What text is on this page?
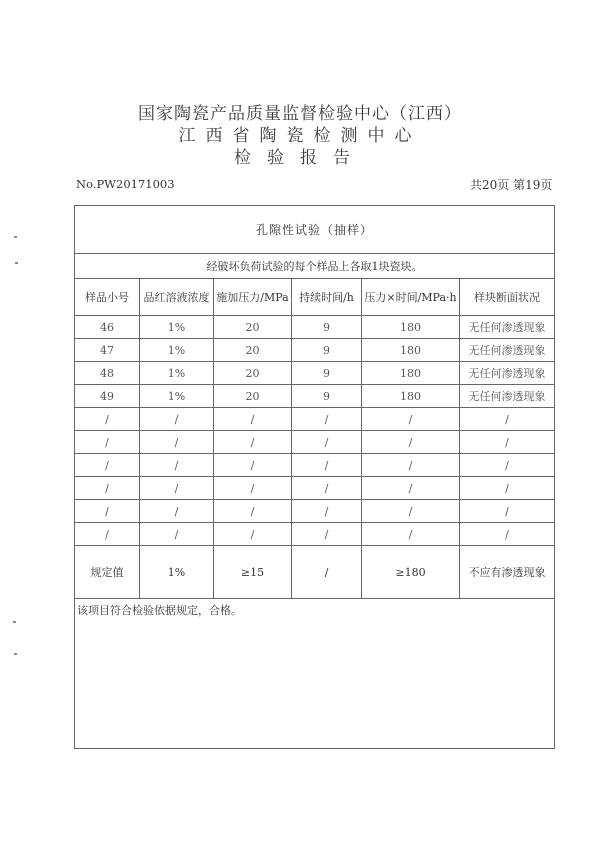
国家陶瓷产品质量监督检验中心（江西）
江西省陶瓷检测中心
检验报告
No.PW20171003	共20页 第19页
孔隙性试验（抽样）					
经破坏负荷试验的每个样品上各取1块瓷块。					
样品小号	品红溶液浓度	施加压力/MPa	持续时间/h	压力×时间/MPa·h	样块断面状况
46	1%	20	9	180	无任何渗透现象
47	1%	20	9	180	无任何渗透现象
48	1%	20	9	180	无任何渗透现象
49	1%	20	9	180	无任何渗透现象
/	/	/	/	/	/
/	/	/	/	/	/
/	/	/	/	/	/
/	/	/	/	/	/
/	/	/	/	/	/
/	/	/	/	/	/
规定值	1%	≥15	/	≥180	不应有渗透现象
该项目符合检验依据规定，合格。					
